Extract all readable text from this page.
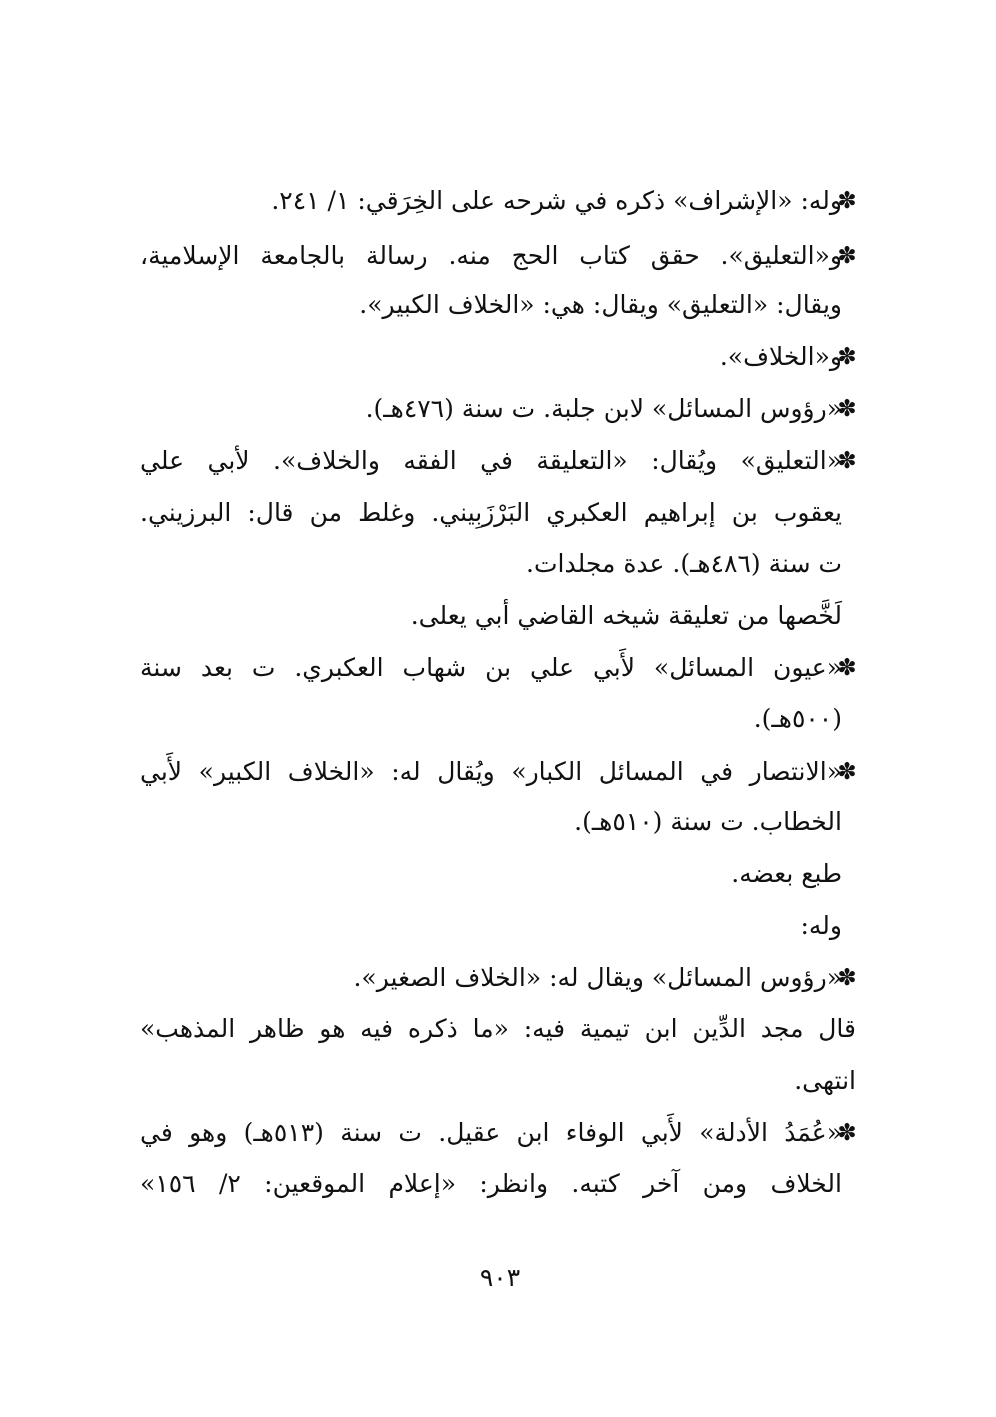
✽
✽
✽
✽
✽
✽
✽
✽
✽
وله: «الإشراف» ذكره في شرحه على الخِرَقي: ١/ ٢٤١.
و«التعليق». حقق كتاب الحج منه. رسالة بالجامعة الإسلامية،
ويقال: «التعليق» ويقال: هي: «الخلاف الكبير».
و«الخلاف».
«رؤوس المسائل» لابن جلبة. ت سنة (٤٧٦هـ).
«التعليق» ويُقال: «التعليقة في الفقه والخلاف». لأبي علي
يعقوب بن إبراهيم العكبري البَرْزَبِيني. وغلط من قال: البرزيني.
ت سنة (٤٨٦هـ). عدة مجلدات.
لَخَّصها من تعليقة شيخه القاضي أبي يعلى.
«عيون المسائل» لأَبي علي بن شهاب العكبري. ت بعد سنة
(٥٠٠هـ).
«الانتصار في المسائل الكبار» ويُقال له: «الخلاف الكبير» لأَبي
الخطاب. ت سنة (٥١٠هـ).
طبع بعضه.
وله:
«رؤوس المسائل» ويقال له: «الخلاف الصغير».
قال مجد الدِّين ابن تيمية فيه: «ما ذكره فيه هو ظاهر المذهب»
انتهى.
«عُمَدُ الأدلة» لأَبي الوفاء ابن عقيل. ت سنة (٥١٣هـ) وهو في
الخلاف ومن آخر كتبه. وانظر: «إعلام الموقعين: ٢/ ١٥٦»
٩٠٣
